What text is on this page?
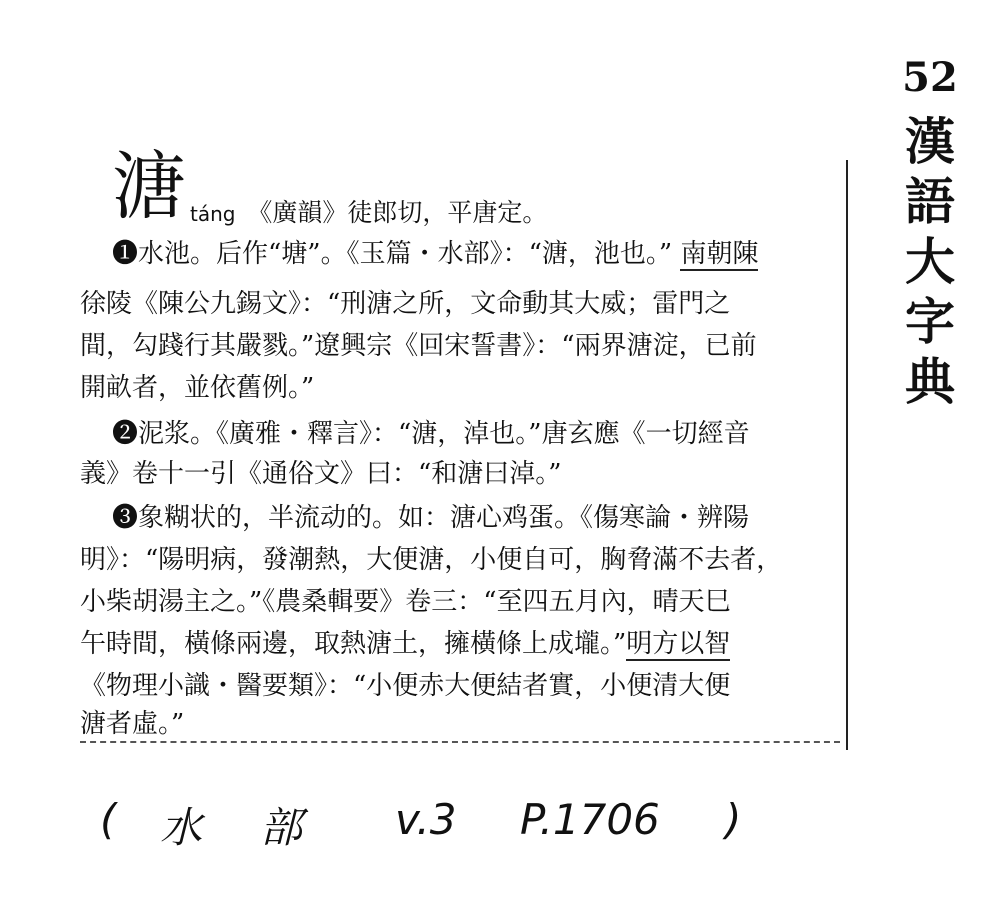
52
漢
語
大
字
典
溏 táng 《廣韻》徒郎切，平唐定。
❶水池。后作“塘”。《玉篇・水部》：“溏，池也。” 南朝陳
徐陵《陳公九錫文》：“刑溏之所，文命動其大威；雷門之
間，勾踐行其嚴戮。”遼興宗《回宋誓書》：“兩界溏淀，已前
開畝者，並依舊例。”
❷泥浆。《廣雅・釋言》：“溏，淖也。”唐玄應《一切經音
義》卷十一引《通俗文》曰：“和溏曰淖。”
❸象糊状的，半流动的。如：溏心鸡蛋。《傷寒論・辨陽
明》：“陽明病，發潮熱，大便溏，小便自可，胸脅滿不去者，
小柴胡湯主之。”《農桑輯要》卷三：“至四五月內，晴天巳
午時間，橫條兩邊，取熱溏土，擁橫條上成壠。”明方以智
《物理小識・醫要類》：“小便赤大便結者實，小便清大便
溏者虛。”
( 水 部 v.3 P.1706 )
